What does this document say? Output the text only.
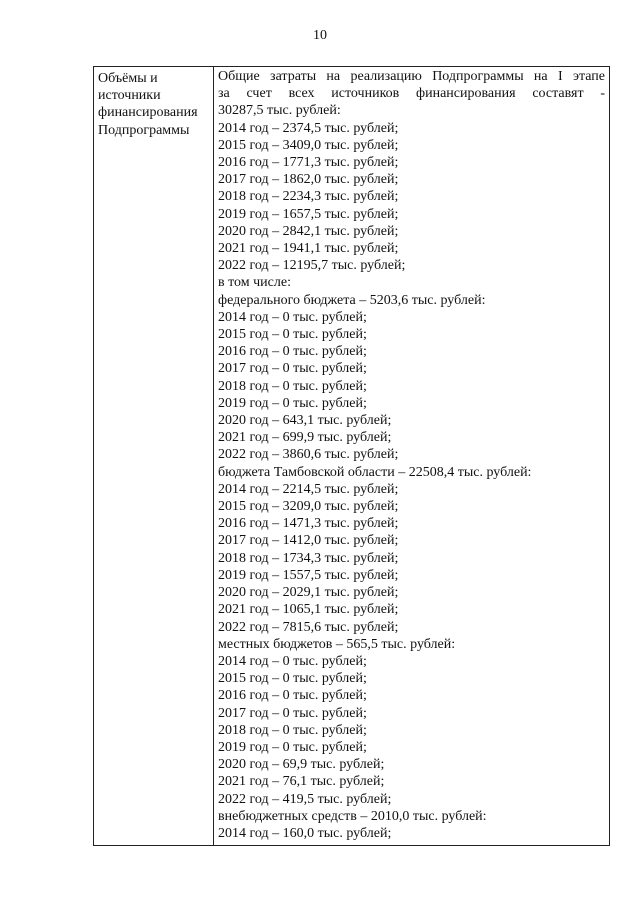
10
Объёмы и
источники
финансирования
Подпрограммы
Общие затраты на реализацию Подпрограммы на I этапе
за счет всех источников финансирования составят -
30287,5 тыс. рублей:
2014 год – 2374,5 тыс. рублей;
2015 год – 3409,0 тыс. рублей;
2016 год – 1771,3 тыс. рублей;
2017 год – 1862,0 тыс. рублей;
2018 год – 2234,3 тыс. рублей;
2019 год – 1657,5 тыс. рублей;
2020 год – 2842,1 тыс. рублей;
2021 год – 1941,1 тыс. рублей;
2022 год – 12195,7 тыс. рублей;
в том числе:
федерального бюджета – 5203,6 тыс. рублей:
2014 год – 0 тыс. рублей;
2015 год – 0 тыс. рублей;
2016 год – 0 тыс. рублей;
2017 год – 0 тыс. рублей;
2018 год – 0 тыс. рублей;
2019 год – 0 тыс. рублей;
2020 год – 643,1 тыс. рублей;
2021 год – 699,9 тыс. рублей;
2022 год – 3860,6 тыс. рублей;
бюджета Тамбовской области – 22508,4 тыс. рублей:
2014 год – 2214,5 тыс. рублей;
2015 год – 3209,0 тыс. рублей;
2016 год – 1471,3 тыс. рублей;
2017 год – 1412,0 тыс. рублей;
2018 год – 1734,3 тыс. рублей;
2019 год – 1557,5 тыс. рублей;
2020 год – 2029,1 тыс. рублей;
2021 год – 1065,1 тыс. рублей;
2022 год – 7815,6 тыс. рублей;
местных бюджетов – 565,5 тыс. рублей:
2014 год – 0 тыс. рублей;
2015 год – 0 тыс. рублей;
2016 год – 0 тыс. рублей;
2017 год – 0 тыс. рублей;
2018 год – 0 тыс. рублей;
2019 год – 0 тыс. рублей;
2020 год – 69,9 тыс. рублей;
2021 год – 76,1 тыс. рублей;
2022 год – 419,5 тыс. рублей;
внебюджетных средств – 2010,0 тыс. рублей:
2014 год – 160,0 тыс. рублей;
